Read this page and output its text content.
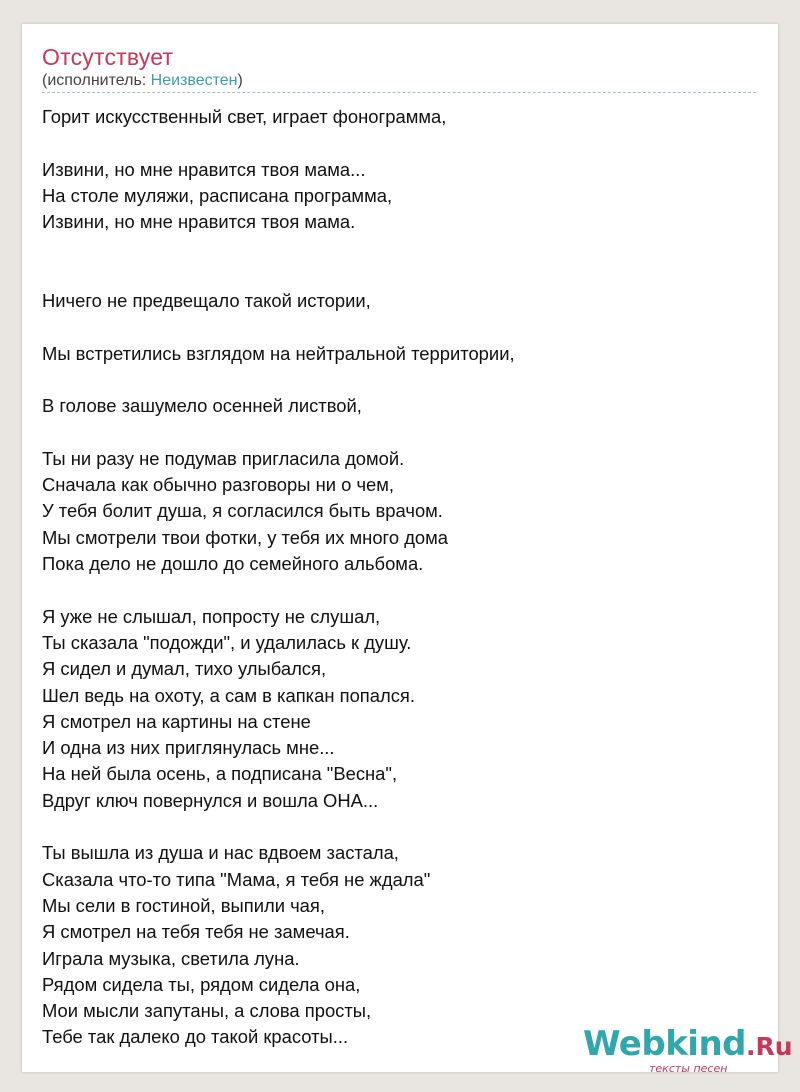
Отсутствует
(исполнитель: Неизвестен)
Горит искусственный свет, играет фонограмма,
Извини, но мне нравится твоя мама...
На столе муляжи, расписана программа,
Извини, но мне нравится твоя мама.
Ничего не предвещало такой истории,
Мы встретились взглядом на нейтральной территории,
В голове зашумело осенней листвой,
Ты ни разу не подумав пригласила домой.
Сначала как обычно разговоры ни о чем,
У тебя болит душа, я согласился быть врачом.
Мы смотрели твои фотки, у тебя их много дома
Пока дело не дошло до семейного альбома.
Я уже не слышал, попросту не слушал,
Ты сказала "подожди", и удалилась к душу.
Я сидел и думал, тихо улыбался,
Шел ведь на охоту, а сам в капкан попался.
Я смотрел на картины на стене
И одна из них приглянулась мне...
На ней была осень, а подписана "Весна",
Вдруг ключ повернулся и вошла ОНА...
Ты вышла из душа и нас вдвоем застала,
Сказала что-то типа "Мама, я тебя не ждала"
Мы сели в гостиной, выпили чая,
Я смотрел на тебя тебя не замечая.
Играла музыка, светила луна.
Рядом сидела ты, рядом сидела она,
Мои мысли запутаны, а слова просты,
Тебе так далеко до такой красоты...	Webkind.Ru
тексты песен
